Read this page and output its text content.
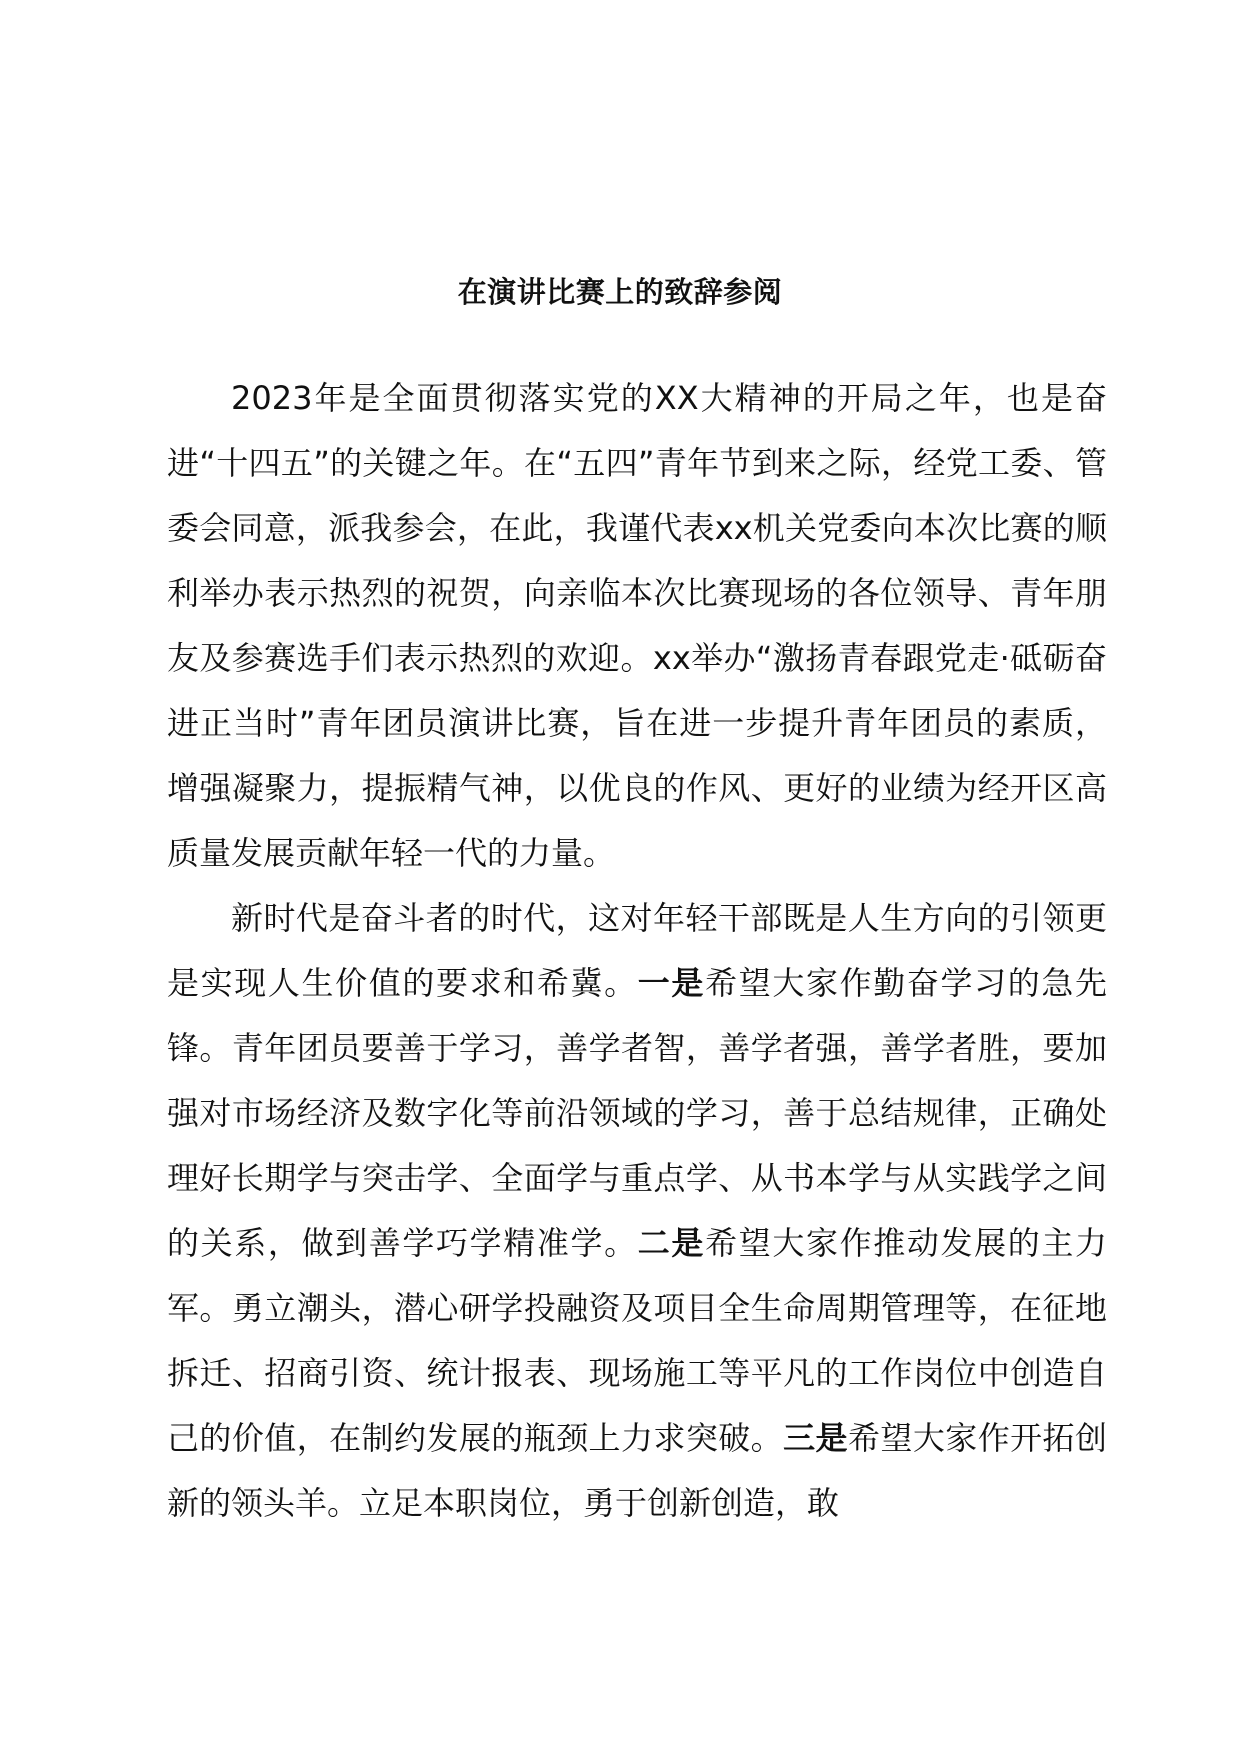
在演讲比赛上的致辞参阅

2023年是全面贯彻落实党的XX大精神的开局之年，也是奋进“十四五”的关键之年。在“五四”青年节到来之际，经党工委、管委会同意，派我参会，在此，我谨代表xx机关党委向本次比赛的顺利举办表示热烈的祝贺，向亲临本次比赛现场的各位领导、青年朋友及参赛选手们表示热烈的欢迎。xx举办“激扬青春跟党走·砥砺奋进正当时”青年团员演讲比赛，旨在进一步提升青年团员的素质，增强凝聚力，提振精气神，以优良的作风、更好的业绩为经开区高质量发展贡献年轻一代的力量。

新时代是奋斗者的时代，这对年轻干部既是人生方向的引领更是实现人生价值的要求和希冀。一是希望大家作勤奋学习的急先锋。青年团员要善于学习，善学者智，善学者强，善学者胜，要加强对市场经济及数字化等前沿领域的学习，善于总结规律，正确处理好长期学与突击学、全面学与重点学、从书本学与从实践学之间的关系，做到善学巧学精准学。二是希望大家作推动发展的主力军。勇立潮头，潜心研学投融资及项目全生命周期管理等，在征地拆迁、招商引资、统计报表、现场施工等平凡的工作岗位中创造自己的价值，在制约发展的瓶颈上力求突破。三是希望大家作开拓创新的领头羊。立足本职岗位，勇于创新创造，敢
